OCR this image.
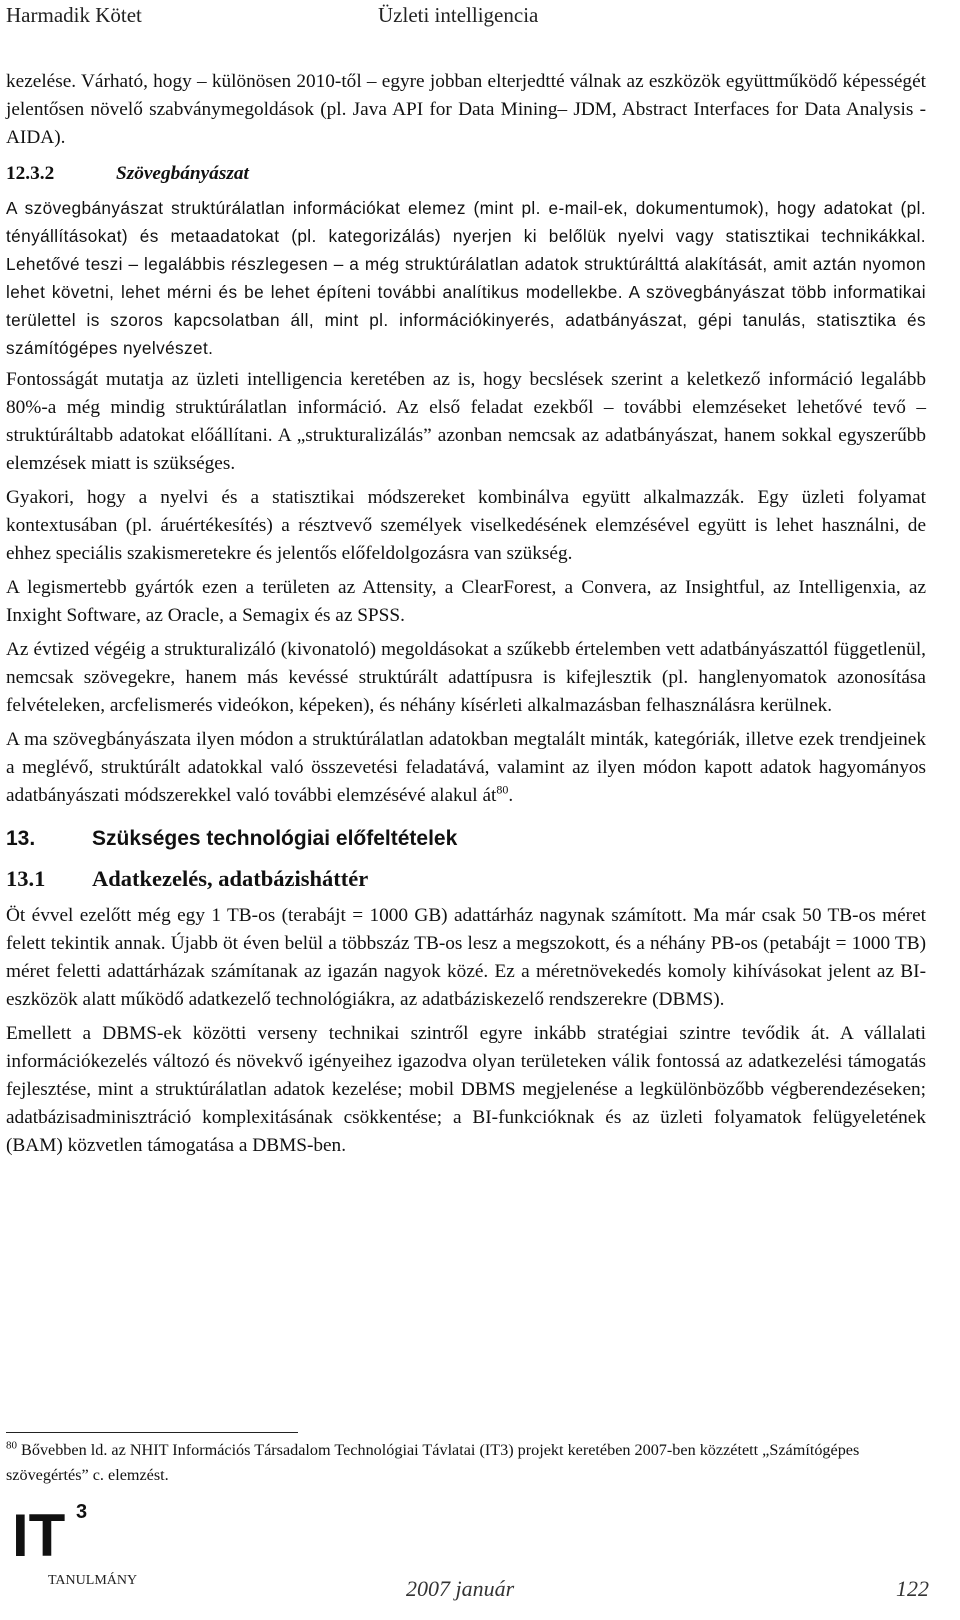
Harmadik Kötet	Üzleti intelligencia

kezelése. Várható, hogy – különösen 2010-től – egyre jobban elterjedtté válnak az eszközök együttműködő képességét jelentősen növelő szabványmegoldások (pl. Java API for Data Mining– JDM, Abstract Interfaces for Data Analysis - AIDA).

12.3.2	Szövegbányászat

A szövegbányászat struktúrálatlan információkat elemez (mint pl. e-mail-ek, dokumentumok), hogy adatokat (pl. tényállításokat) és metaadatokat (pl. kategorizálás) nyerjen ki belőlük nyelvi vagy statisztikai technikákkal. Lehetővé teszi – legalábbis részlegesen – a még struktúrálatlan adatok struktúrálttá alakítását, amit aztán nyomon lehet követni, lehet mérni és be lehet építeni további analítikus modellekbe. A szövegbányászat több informatikai területtel is szoros kapcsolatban áll, mint pl. információkinyerés, adatbányászat, gépi tanulás, statisztika és számítógépes nyelvészet.

Fontosságát mutatja az üzleti intelligencia keretében az is, hogy becslések szerint a keletkező információ legalább 80%-a még mindig struktúrálatlan információ. Az első feladat ezekből – további elemzéseket lehetővé tevő – struktúráltabb adatokat előállítani. A „strukturalizálás” azonban nemcsak az adatbányászat, hanem sokkal egyszerűbb elemzések miatt is szükséges.

Gyakori, hogy a nyelvi és a statisztikai módszereket kombinálva együtt alkalmazzák. Egy üzleti folyamat kontextusában (pl. áruértékesítés) a résztvevő személyek viselkedésének elemzésével együtt is lehet használni, de ehhez speciális szakismeretekre és jelentős előfeldolgozásra van szükség.

A legismertebb gyártók ezen a területen az Attensity, a ClearForest, a Convera, az Insightful, az Intelligenxia, az Inxight Software, az Oracle, a Semagix és az SPSS.

Az évtized végéig a strukturalizáló (kivonatoló) megoldásokat a szűkebb értelemben vett adatbányászattól függetlenül, nemcsak szövegekre, hanem más kevéssé struktúrált adattípusra is kifejlesztik (pl. hanglenyomatok azonosítása felvételeken, arcfelismerés videókon, képeken), és néhány kísérleti alkalmazásban felhasználásra kerülnek.

A ma szövegbányászata ilyen módon a struktúrálatlan adatokban megtalált minták, kategóriák, illetve ezek trendjeinek a meglévő, struktúrált adatokkal való összevetési feladatává, valamint az ilyen módon kapott adatok hagyományos adatbányászati módszerekkel való további elemzésévé alakul $át^{80}$.

13.	Szükséges technológiai előfeltételek
13.1	Adatkezelés, adatbázisháttér

Öt évvel ezelőtt még egy 1 TB-os (terabájt = 1000 GB) adattárház nagynak számított. Ma már csak 50 TB-os méret felett tekintik annak. Újabb öt éven belül a többszáz TB-os lesz a megszokott, és a néhány PB-os (petabájt = 1000 TB) méret feletti adattárházak számítanak az igazán nagyok közé. Ez a méretnövekedés komoly kihívásokat jelent az BI-eszközök alatt működő adatkezelő technológiákra, az adatbáziskezelő rendszerekre (DBMS).

Emellett a DBMS-ek közötti verseny technikai szintről egyre inkább stratégiai szintre tevődik át. A vállalati információkezelés változó és növekvő igényeihez igazodva olyan területeken válik fontossá az adatkezelési támogatás fejlesztése, mint a struktúrálatlan adatok kezelése; mobil DBMS megjelenése a legkülönbözőbb végberendezéseken; adatbázisadminisztráció komplexitásának csökkentése; a BI-funkcióknak és az üzleti folyamatok felügyeletének (BAM) közvetlen támogatása a DBMS-ben.

$^{80}$ Bővebben ld. az NHIT Információs Társadalom Technológiai Távlatai (IT3) projekt keretében 2007-ben közzétett „Számítógépes szövegértés” c. elemzést.
IT 3
TANULMÁNY	2007 január	122
